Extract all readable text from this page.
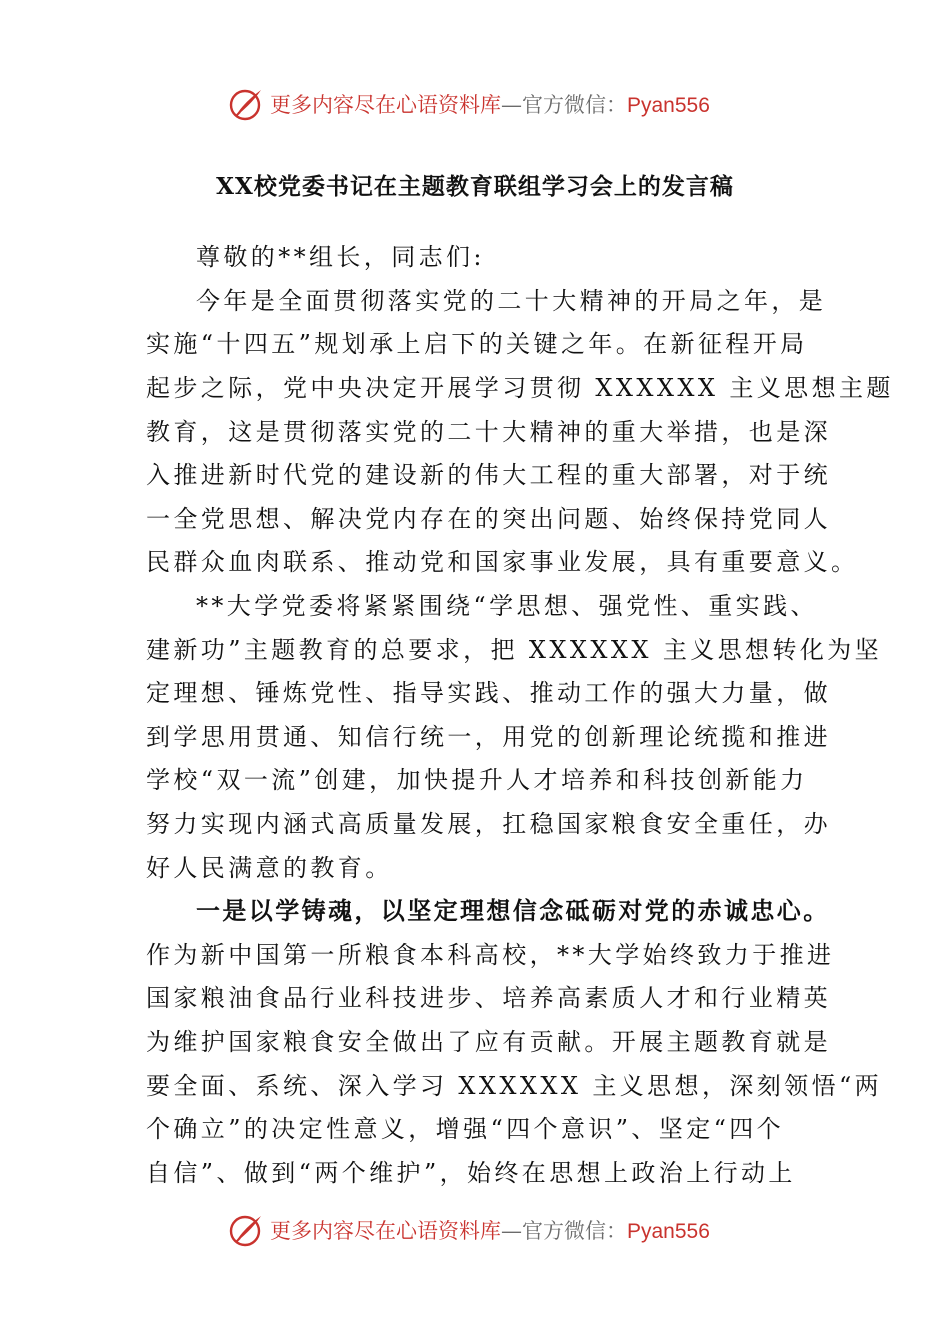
更多内容尽在心语资料库—官方微信：Pyan556
XX校党委书记在主题教育联组学习会上的发言稿
尊敬的**组长，同志们:
今年是全面贯彻落实党的二十大精神的开局之年，是
实施“十四五”规划承上启下的关键之年。在新征程开局
起步之际，党中央决定开展学习贯彻 XXXXXX 主义思想主题
教育，这是贯彻落实党的二十大精神的重大举措，也是深
入推进新时代党的建设新的伟大工程的重大部署，对于统
一全党思想、解决党内存在的突出问题、始终保持党同人
民群众血肉联系、推动党和国家事业发展，具有重要意义。
**大学党委将紧紧围绕“学思想、强党性、重实践、
建新功”主题教育的总要求，把 XXXXXX 主义思想转化为坚
定理想、锤炼党性、指导实践、推动工作的强大力量，做
到学思用贯通、知信行统一，用党的创新理论统揽和推进
学校“双一流”创建，加快提升人才培养和科技创新能力
努力实现内涵式高质量发展，扛稳国家粮食安全重任，办
好人民满意的教育。
一是以学铸魂，以坚定理想信念砥砺对党的赤诚忠心。
作为新中国第一所粮食本科高校，**大学始终致力于推进
国家粮油食品行业科技进步、培养高素质人才和行业精英
为维护国家粮食安全做出了应有贡献。开展主题教育就是
要全面、系统、深入学习 XXXXXX 主义思想，深刻领悟“两
个确立”的决定性意义，增强“四个意识”、坚定“四个
自信”、做到“两个维护”，始终在思想上政治上行动上
更多内容尽在心语资料库—官方微信：Pyan556
